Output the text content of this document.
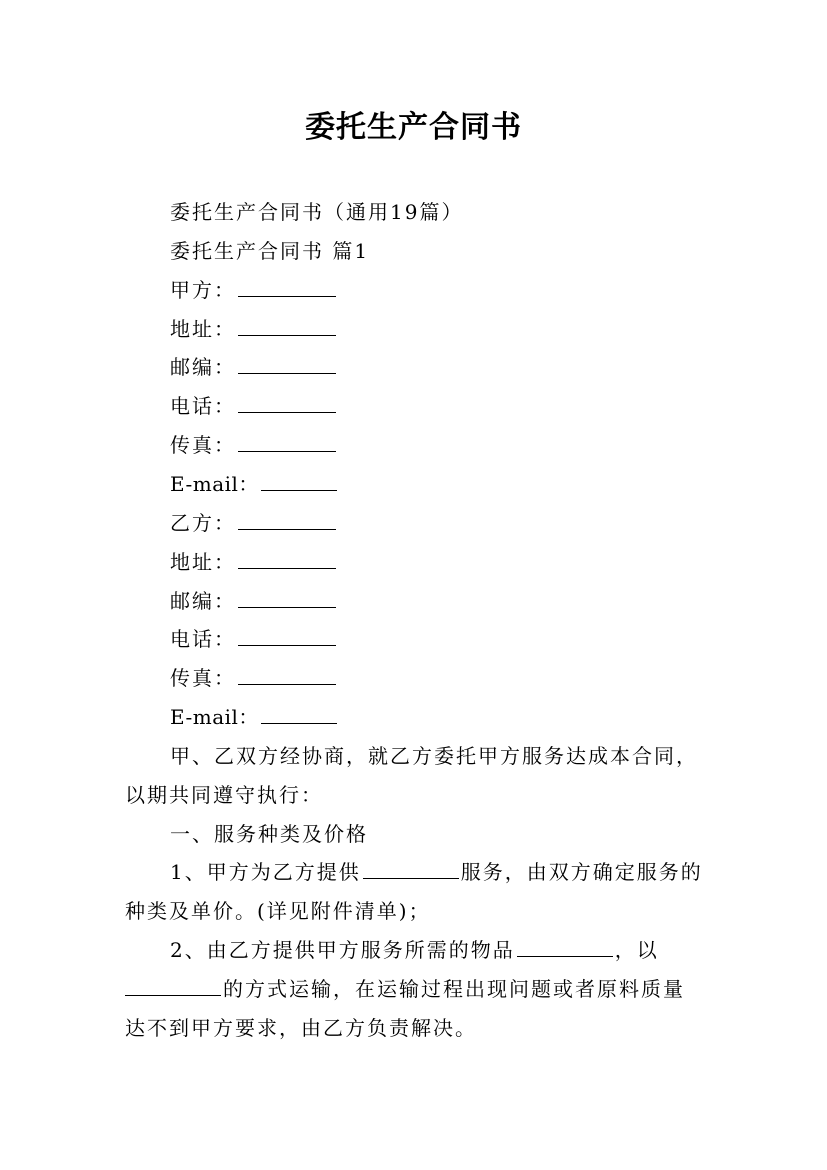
委托生产合同书
委托生产合同书（通用19篇）
委托生产合同书 篇1
甲方：
地址：
邮编：
电话：
传真：
E-mail：
乙方：
地址：
邮编：
电话：
传真：
E-mail：
甲、乙双方经协商，就乙方委托甲方服务达成本合同，
以期共同遵守执行：
一、服务种类及价格
1、甲方为乙方提供	服务，由双方确定服务的
种类及单价。(详见附件清单)；
2、由乙方提供甲方服务所需的物品	，以
的方式运输，在运输过程出现问题或者原料质量
达不到甲方要求，由乙方负责解决。
